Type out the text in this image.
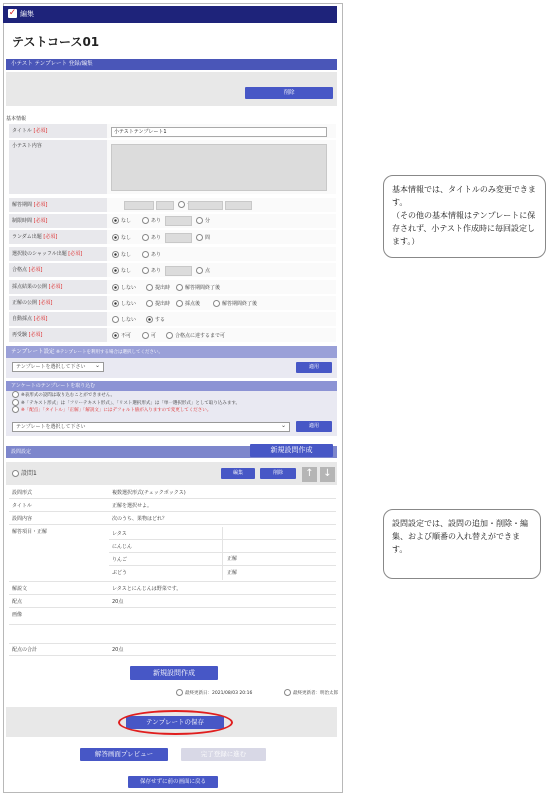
✓ 編集
テストコース01
小テスト テンプレート 登録/編集
削除
基本情報
タイトル [必須]	小テストテンプレート1
小テスト内容
解答期間 [必須]
制限時間 [必須]	なし	あり	分
ランダム出題 [必須]	なし	あり	問
選択肢のシャッフル出題 [必須]	なし	あり
合格点 [必須]	なし	あり	点
採点結果の公開 [必須]	しない	提出時	解答期間終了後
正解の公開 [必須]	しない	提出時	採点後	解答期間終了後
自動採点 [必須]	しない	する
再受験 [必須]	不可	可	合格点に達するまで可
テンプレート設定 ※テンプレートを利用する場合は選択してください。
テンプレートを選択して下さい ⌄	適用
アンケートのテンプレートを取り込む
※表形式の設問は取り込むことができません。
※「テキスト形式」は「フリーテキスト形式」、「リスト選択形式」は「単一選択形式」として取り込みます。
※「配点」「タイトル」「正解」「解説文」にはデフォルト値が入りますので変更してください。
テンプレートを選択して下さい ⌄	適用
設問設定	新規設問作成
設問1	編集	削除	↑ ↓
設問形式	複数選択形式(チェックボックス)
タイトル	正解を選択せよ。
設問内容	次のうち、果物はどれ？
解答項目・正解	レタス
にんじん
りんご	正解
ぶどう	正解
解説文	レタスとにんじんは野菜です。
配点	20点
画像
配点の合計	20点
新規設問作成
最終更新日：2021/08/03 20:16	最終更新者：明治太郎
テンプレートの保存
解答画面プレビュー	完了登録に進む
保存せずに前の画面に戻る
基本情報では、タイトルのみ変更できます。
（その他の基本情報はテンプレートに保存されず、小テスト作成時に毎回設定します。）
設問設定では、設問の追加・削除・編集、および順番の入れ替えができます。
